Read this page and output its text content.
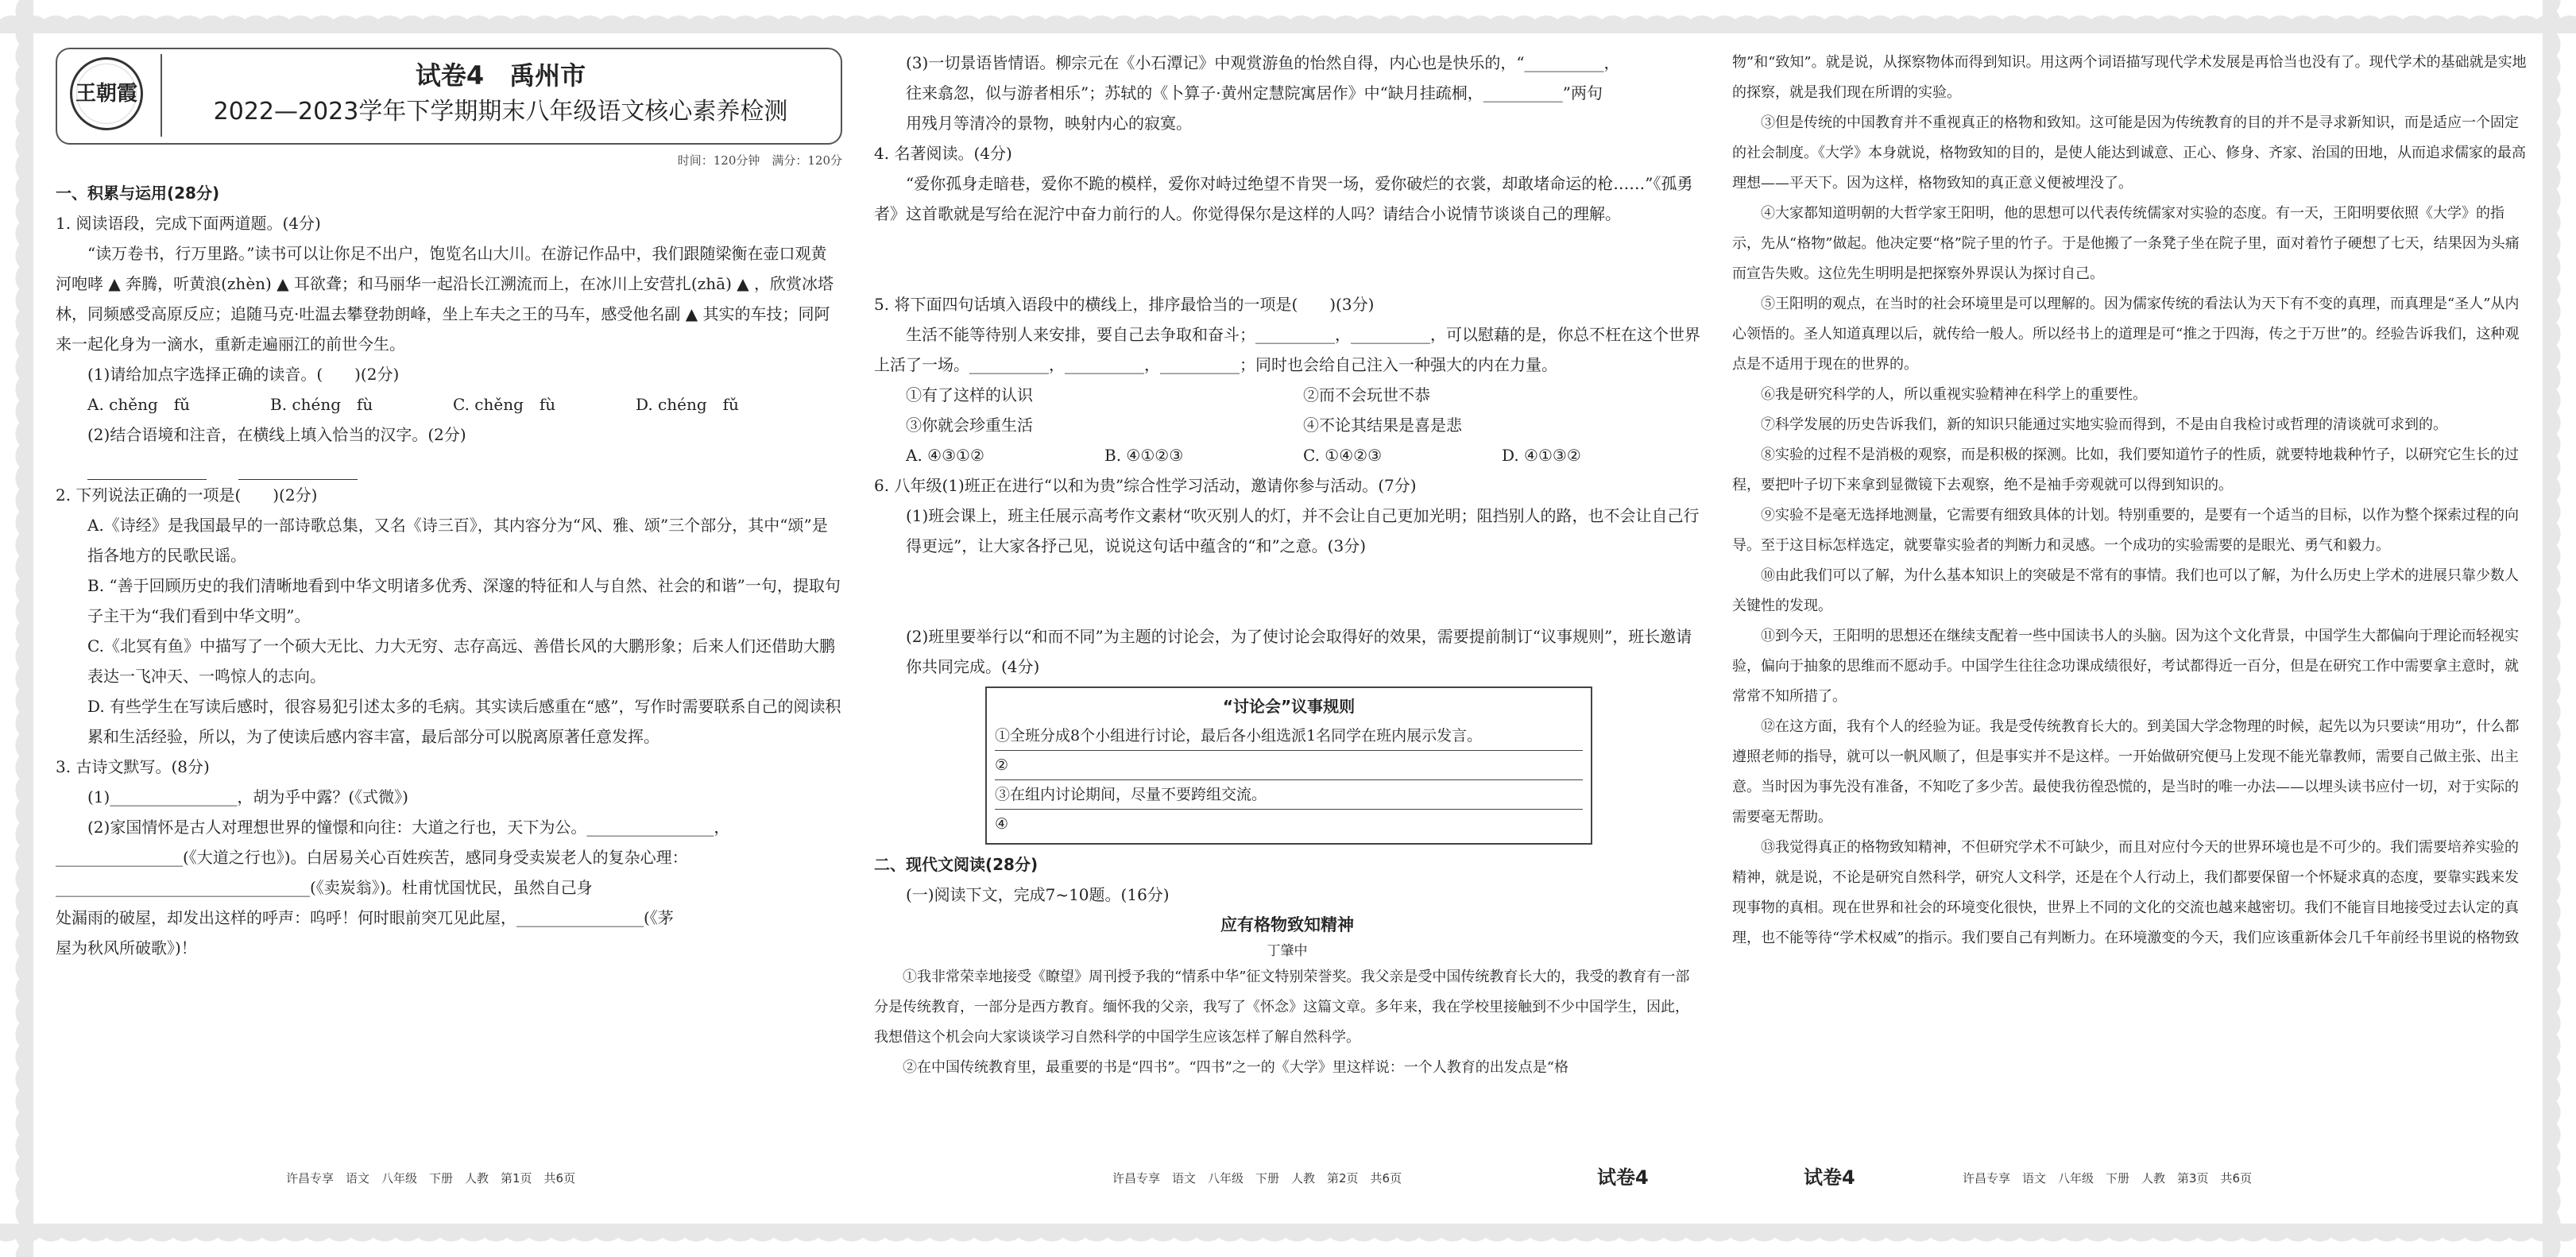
王朝霞
试卷4　禹州市
2022—2023学年下学期期末八年级语文核心素养检测
时间：120分钟　满分：120分

一、积累与运用(28分)

1. 阅读语段，完成下面两道题。(4分)

“读万卷书，行万里路。”读书可以让你足不出户，饱览名山大川。在游记作品中，我们跟随梁衡在壶口观黄河咆哮 ▲ 奔腾，听黄浪(zhèn) ▲ 耳欲聋；和马丽华一起沿长江溯流而上，在冰川上安营扎(zhā) ▲ ，欣赏冰塔林，同频感受高原反应；追随马克·吐温去攀登勃朗峰，坐上车夫之王的马车，感受他名副 ▲ 其实的车技；同阿来一起化身为一滴水，重新走遍丽江的前世今生。

(1)请给加点字选择正确的读音。(　　)(2分)

A. chěng　fǔ	B. chéng　fù	C. chěng　fù	D. chéng　fǔ

(2)结合语境和注音，在横线上填入恰当的汉字。(2分)

2. 下列说法正确的一项是(　　)(2分)

A.《诗经》是我国最早的一部诗歌总集，又名《诗三百》，其内容分为“风、雅、颂”三个部分，其中“颂”是指各地方的民歌民谣。

B. “善于回顾历史的我们清晰地看到中华文明诸多优秀、深邃的特征和人与自然、社会的和谐”一句，提取句子主干为“我们看到中华文明”。

C.《北冥有鱼》中描写了一个硕大无比、力大无穷、志存高远、善借长风的大鹏形象；后来人们还借助大鹏表达一飞冲天、一鸣惊人的志向。

D. 有些学生在写读后感时，很容易犯引述太多的毛病。其实读后感重在“感”，写作时需要联系自己的阅读积累和生活经验，所以，为了使读后感内容丰富，最后部分可以脱离原著任意发挥。

3. 古诗文默写。(8分)

(1)________________，胡为乎中露？(《式微》)

(2)家国情怀是古人对理想世界的憧憬和向往：大道之行也，天下为公。________________，

________________(《大道之行也》)。白居易关心百姓疾苦，感同身受卖炭老人的复杂心理：

________________________________(《卖炭翁》)。杜甫忧国忧民，虽然自己身

处漏雨的破屋，却发出这样的呼声：呜呼！何时眼前突兀见此屋，________________(《茅

屋为秋风所破歌》)！

(3)一切景语皆情语。柳宗元在《小石潭记》中观赏游鱼的怡然自得，内心也是快乐的，“__________，

往来翕忽，似与游者相乐”；苏轼的《卜算子·黄州定慧院寓居作》中“缺月挂疏桐，__________”两句

用残月等清冷的景物，映射内心的寂寞。

4. 名著阅读。(4分)

“爱你孤身走暗巷，爱你不跪的模样，爱你对峙过绝望不肯哭一场，爱你破烂的衣裳，却敢堵命运的枪……”《孤勇者》这首歌就是写给在泥泞中奋力前行的人。你觉得保尔是这样的人吗？请结合小说情节谈谈自己的理解。

5. 将下面四句话填入语段中的横线上，排序最恰当的一项是(　　)(3分)

生活不能等待别人来安排，要自己去争取和奋斗；__________，__________，可以慰藉的是，你总不枉在这个世界上活了一场。__________，__________，__________；同时也会给自己注入一种强大的内在力量。

①有了这样的认识	②而不会玩世不恭
③你就会珍重生活	④不论其结果是喜是悲
A. ④③①②	B. ④①②③	C. ①④②③	D. ④①③②

6. 八年级(1)班正在进行“以和为贵”综合性学习活动，邀请你参与活动。(7分)

(1)班会课上，班主任展示高考作文素材“吹灭别人的灯，并不会让自己更加光明；阻挡别人的路，也不会让自己行得更远”，让大家各抒己见，说说这句话中蕴含的“和”之意。(3分)

(2)班里要举行以“和而不同”为主题的讨论会，为了使讨论会取得好的效果，需要提前制订“议事规则”，班长邀请你共同完成。(4分)

“讨论会”议事规则
①全班分成8个小组进行讨论，最后各小组选派1名同学在班内展示发言。
②
③在组内讨论期间，尽量不要跨组交流。
④

二、现代文阅读(28分)

(一)阅读下文，完成7~10题。(16分)

应有格物致知精神
丁肇中

①我非常荣幸地接受《瞭望》周刊授予我的“情系中华”征文特别荣誉奖。我父亲是受中国传统教育长大的，我受的教育有一部分是传统教育，一部分是西方教育。缅怀我的父亲，我写了《怀念》这篇文章。多年来，我在学校里接触到不少中国学生，因此，我想借这个机会向大家谈谈学习自然科学的中国学生应该怎样了解自然科学。

②在中国传统教育里，最重要的书是“四书”。“四书”之一的《大学》里这样说：一个人教育的出发点是“格

物”和“致知”。就是说，从探察物体而得到知识。用这两个词语描写现代学术发展是再恰当也没有了。现代学术的基础就是实地的探察，就是我们现在所谓的实验。

③但是传统的中国教育并不重视真正的格物和致知。这可能是因为传统教育的目的并不是寻求新知识，而是适应一个固定的社会制度。《大学》本身就说，格物致知的目的，是使人能达到诚意、正心、修身、齐家、治国的田地，从而追求儒家的最高理想——平天下。因为这样，格物致知的真正意义便被埋没了。

④大家都知道明朝的大哲学家王阳明，他的思想可以代表传统儒家对实验的态度。有一天，王阳明要依照《大学》的指示，先从“格物”做起。他决定要“格”院子里的竹子。于是他搬了一条凳子坐在院子里，面对着竹子硬想了七天，结果因为头痛而宣告失败。这位先生明明是把探察外界误认为探讨自己。

⑤王阳明的观点，在当时的社会环境里是可以理解的。因为儒家传统的看法认为天下有不变的真理，而真理是“圣人”从内心领悟的。圣人知道真理以后，就传给一般人。所以经书上的道理是可“推之于四海，传之于万世”的。经验告诉我们，这种观点是不适用于现在的世界的。

⑥我是研究科学的人，所以重视实验精神在科学上的重要性。

⑦科学发展的历史告诉我们，新的知识只能通过实地实验而得到，不是由自我检讨或哲理的清谈就可求到的。

⑧实验的过程不是消极的观察，而是积极的探测。比如，我们要知道竹子的性质，就要特地栽种竹子，以研究它生长的过程，要把叶子切下来拿到显微镜下去观察，绝不是袖手旁观就可以得到知识的。

⑨实验不是毫无选择地测量，它需要有细致具体的计划。特别重要的，是要有一个适当的目标，以作为整个探索过程的向导。至于这目标怎样选定，就要靠实验者的判断力和灵感。一个成功的实验需要的是眼光、勇气和毅力。

⑩由此我们可以了解，为什么基本知识上的突破是不常有的事情。我们也可以了解，为什么历史上学术的进展只靠少数人关键性的发现。

⑪到今天，王阳明的思想还在继续支配着一些中国读书人的头脑。因为这个文化背景，中国学生大都偏向于理论而轻视实验，偏向于抽象的思维而不愿动手。中国学生往往念功课成绩很好，考试都得近一百分，但是在研究工作中需要拿主意时，就常常不知所措了。

⑫在这方面，我有个人的经验为证。我是受传统教育长大的。到美国大学念物理的时候，起先以为只要读“用功”，什么都遵照老师的指导，就可以一帆风顺了，但是事实并不是这样。一开始做研究便马上发现不能光靠教师，需要自己做主张、出主意。当时因为事先没有准备，不知吃了多少苦。最使我彷徨恐慌的，是当时的唯一办法——以埋头读书应付一切，对于实际的需要毫无帮助。

⑬我觉得真正的格物致知精神，不但研究学术不可缺少，而且对应付今天的世界环境也是不可少的。我们需要培养实验的精神，就是说，不论是研究自然科学，研究人文科学，还是在个人行动上，我们都要保留一个怀疑求真的态度，要靠实践来发现事物的真相。现在世界和社会的环境变化很快，世界上不同的文化的交流也越来越密切。我们不能盲目地接受过去认定的真理，也不能等待“学术权威”的指示。我们要自己有判断力。在环境激变的今天，我们应该重新体会几千年前经书里说的格物致

许昌专享　语文　八年级　下册　人教　第1页　共6页	许昌专享　语文　八年级　下册　人教　第2页　共6页	试卷4	试卷4	许昌专享　语文　八年级　下册　人教　第3页　共6页
